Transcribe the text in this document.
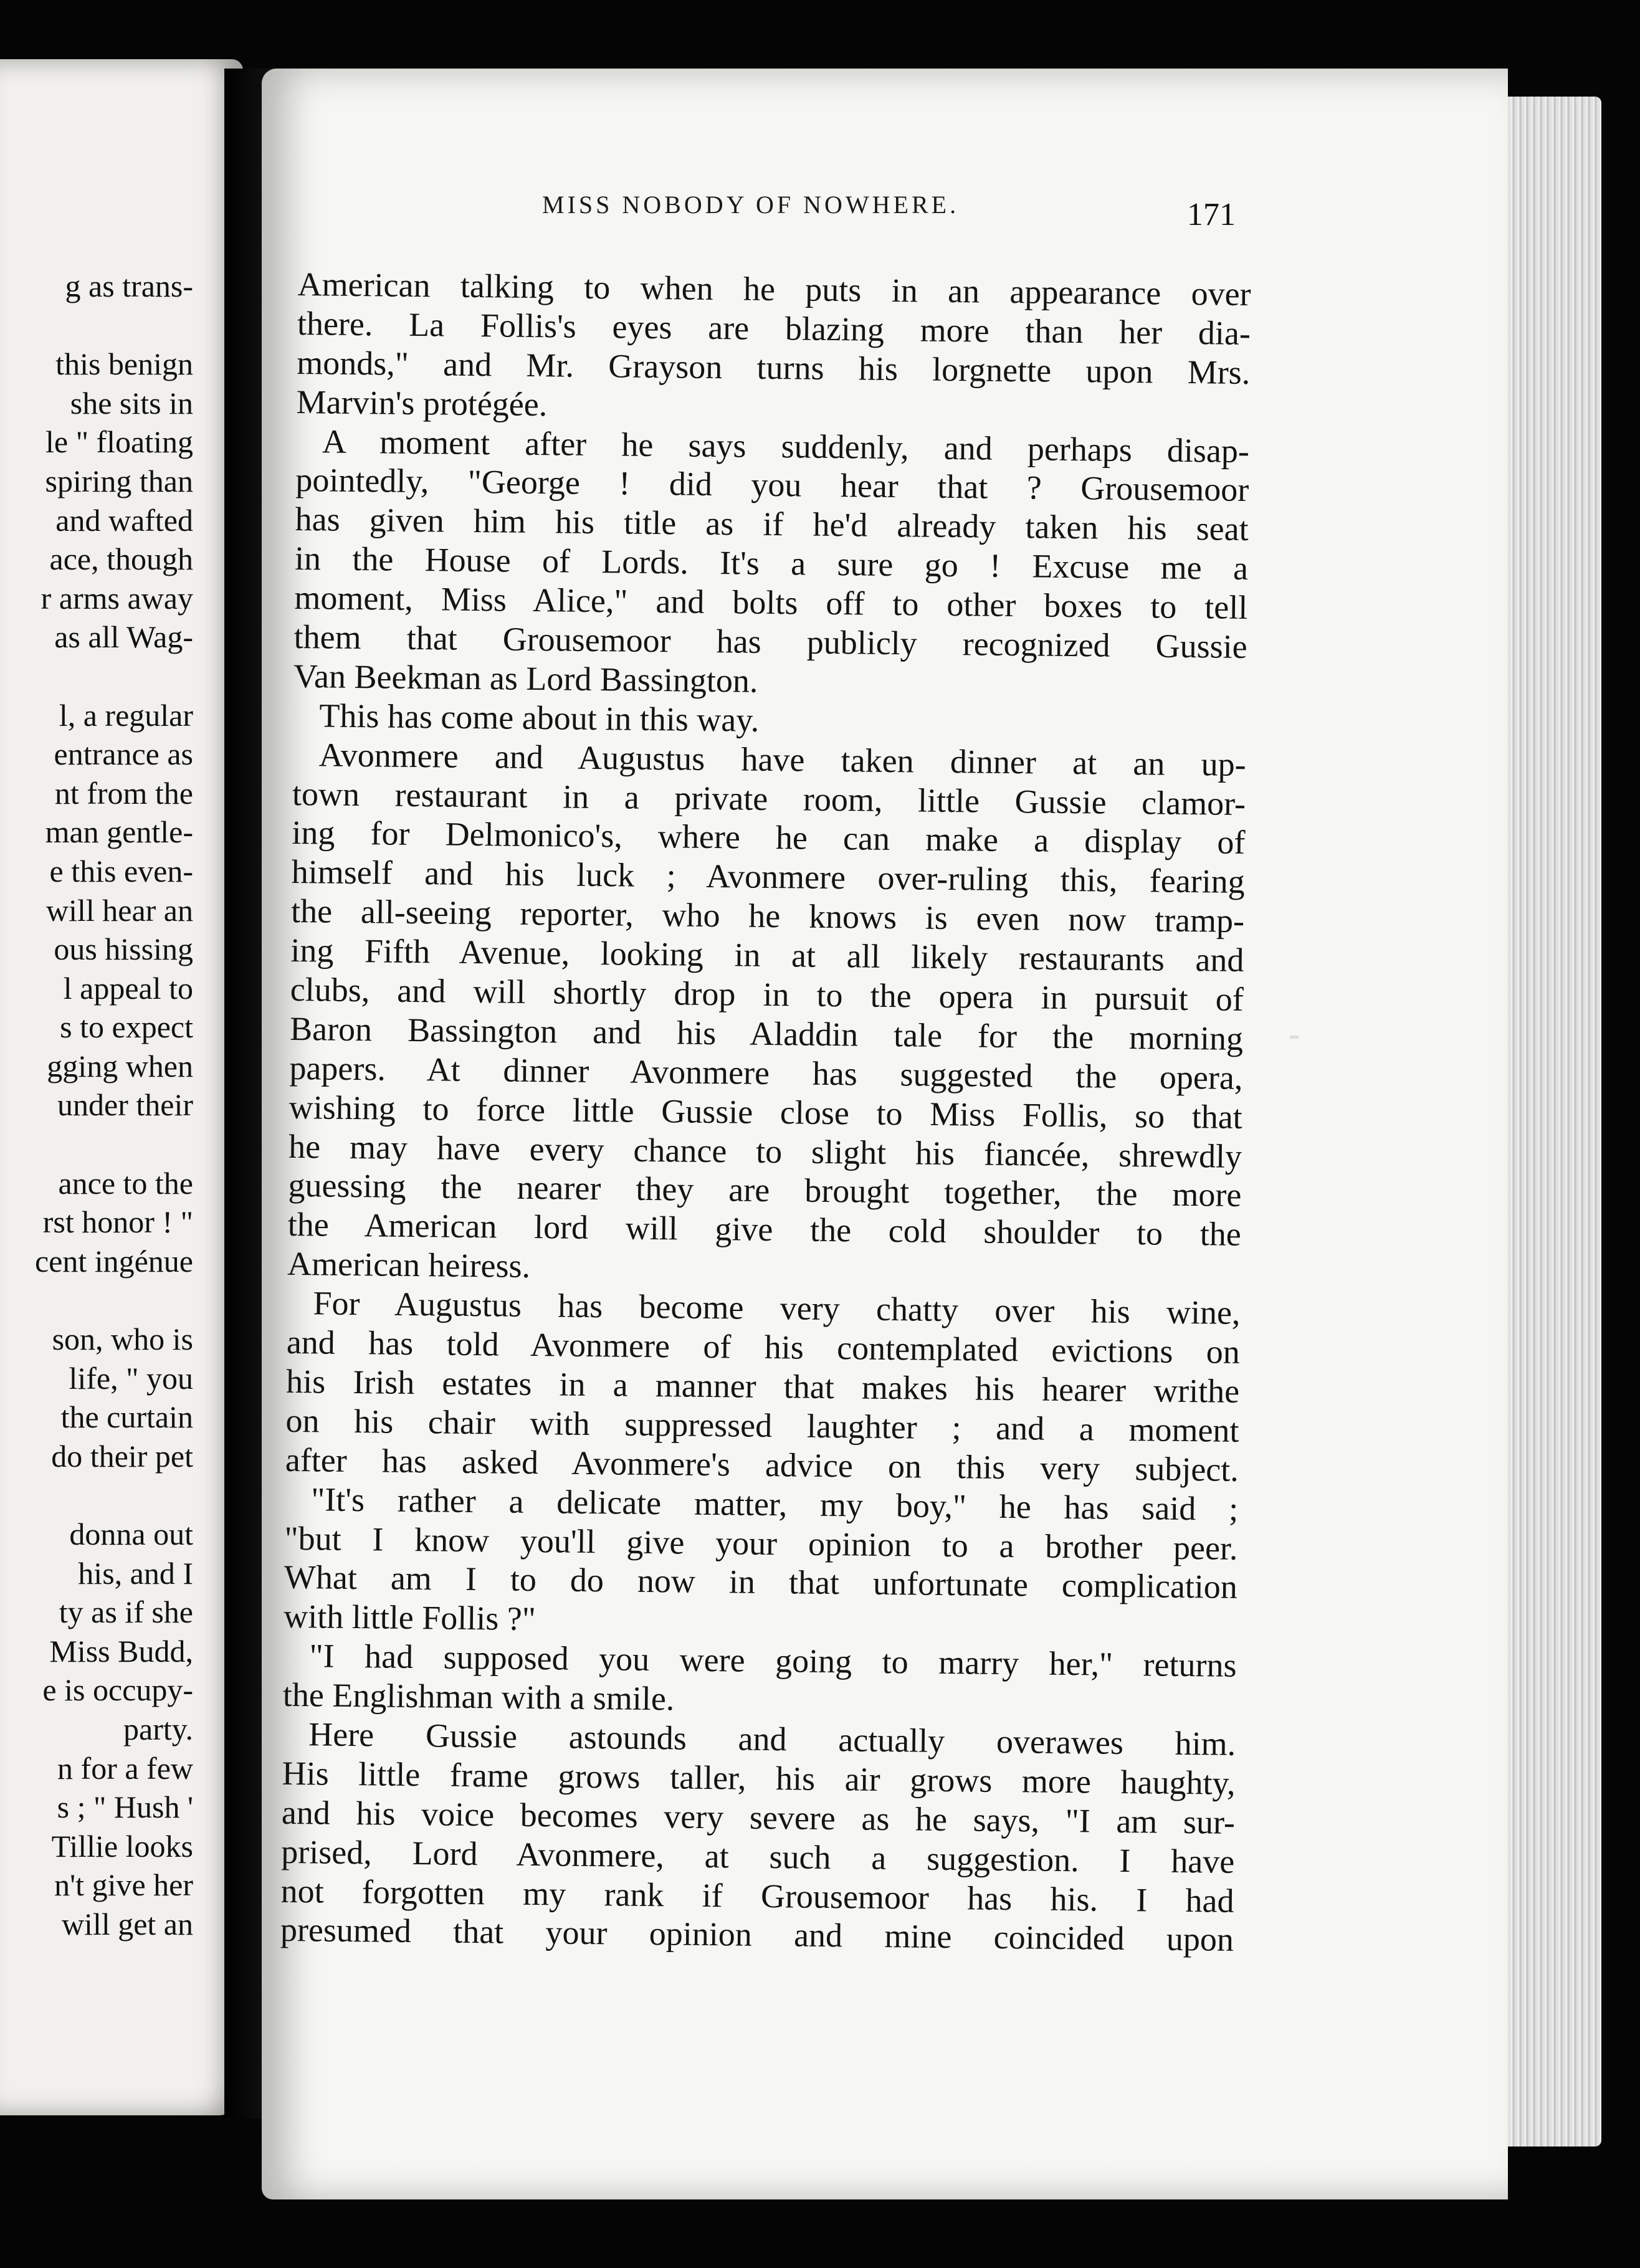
g as trans-
this benign
she sits in
le " floating
spiring than
and wafted
ace, though
r arms away
as all Wag-
l, a regular
entrance as
nt from the
man gentle-
e this even-
will hear an
ous hissing
l appeal to
s to expect
gging when
under their
ance to the
rst honor ! "
cent ingénue
son, who is
life, " you
the curtain
do their pet
donna out
his, and I
ty as if she
Miss Budd,
e is occupy-
party.
n for a few
s ; " Hush '
Tillie looks
n't give her
will get an
MISS NOBODY OF NOWHERE.	171
American talking to when he puts in an appearance over
there. La Follis's eyes are blazing more than her dia-
monds," and Mr. Grayson turns his lorgnette upon Mrs.
Marvin's protégée.
A moment after he says suddenly, and perhaps disap-
pointedly, "George ! did you hear that ? Grousemoor
has given him his title as if he'd already taken his seat
in the House of Lords. It's a sure go ! Excuse me a
moment, Miss Alice," and bolts off to other boxes to tell
them that Grousemoor has publicly recognized Gussie
Van Beekman as Lord Bassington.
This has come about in this way.
Avonmere and Augustus have taken dinner at an up-
town restaurant in a private room, little Gussie clamor-
ing for Delmonico's, where he can make a display of
himself and his luck ; Avonmere over-ruling this, fearing
the all-seeing reporter, who he knows is even now tramp-
ing Fifth Avenue, looking in at all likely restaurants and
clubs, and will shortly drop in to the opera in pursuit of
Baron Bassington and his Aladdin tale for the morning
papers. At dinner Avonmere has suggested the opera,
wishing to force little Gussie close to Miss Follis, so that
he may have every chance to slight his fiancée, shrewdly
guessing the nearer they are brought together, the more
the American lord will give the cold shoulder to the
American heiress.
For Augustus has become very chatty over his wine,
and has told Avonmere of his contemplated evictions on
his Irish estates in a manner that makes his hearer writhe
on his chair with suppressed laughter ; and a moment
after has asked Avonmere's advice on this very subject.
"It's rather a delicate matter, my boy," he has said ;
"but I know you'll give your opinion to a brother peer.
What am I to do now in that unfortunate complication
with little Follis ?"
"I had supposed you were going to marry her," returns
the Englishman with a smile.
Here Gussie astounds and actually overawes him.
His little frame grows taller, his air grows more haughty,
and his voice becomes very severe as he says, "I am sur-
prised, Lord Avonmere, at such a suggestion. I have
not forgotten my rank if Grousemoor has his. I had
presumed that your opinion and mine coincided upon
